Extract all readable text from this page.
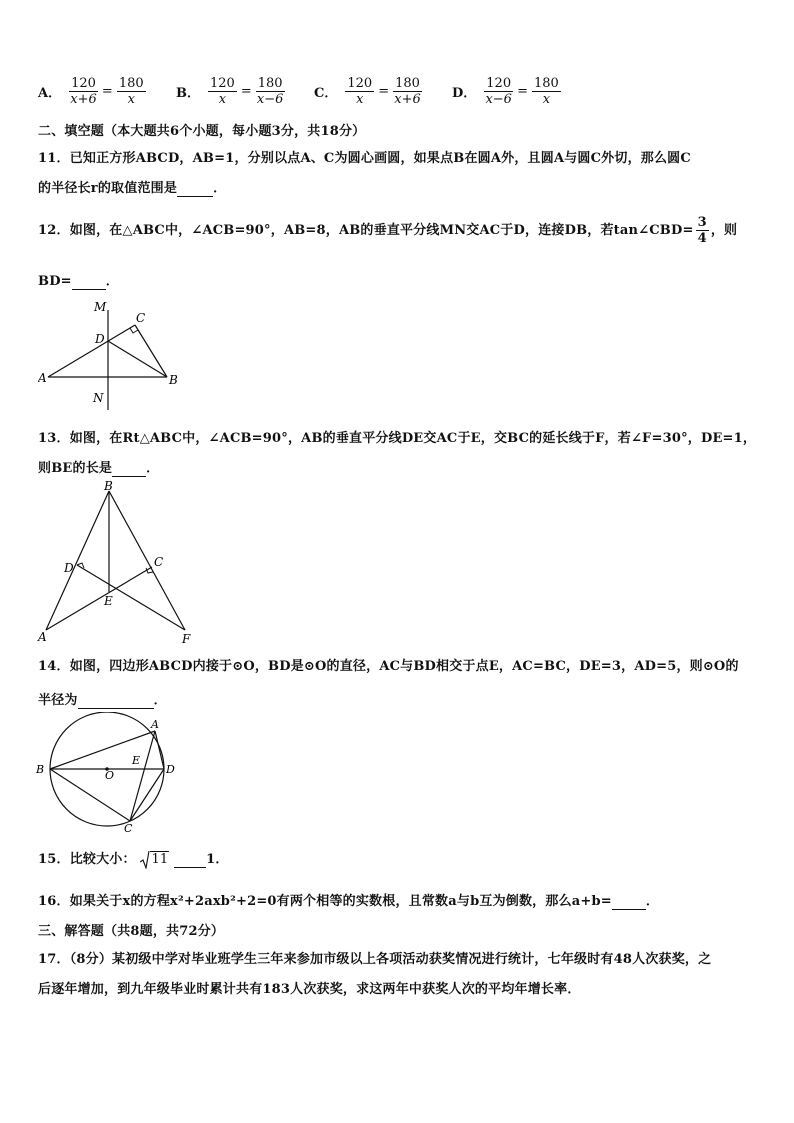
A． $\frac{120}{x+6} = \frac{180}{x}$ B． $\frac{120}{x} = \frac{180}{x-6}$ C． $\frac{120}{x} = \frac{180}{x+6}$ D． $\frac{120}{x-6} = \frac{180}{x}$
二、填空题（本大题共6个小题，每小题3分，共18分）
11．已知正方形ABCD，AB=1，分别以点A、C为圆心画圆，如果点B在圆A外，且圆A与圆C外切，那么圆C
的半径长r的取值范围是	．
12．如图，在△ABC中，∠ACB=90°，AB=8，AB的垂直平分线MN交AC于D，连接DB，若tan∠CBD= $\frac{3}{4}$ ，则
BD=	．
M
C
D
A	B
N
13．如图，在Rt△ABC中，∠ACB=90°，AB的垂直平分线DE交AC于E，交BC的延长线于F，若∠F=30°，DE=1，
则BE的长是	．
B
D	C
E
A	F
14．如图，四边形ABCD内接于⊙O，BD是⊙O的直径，AC与BD相交于点E，AC=BC，DE=3，AD=5，则⊙O的
半径为	．
A
B	O
E
D
C
15．比较大小： 11	1．
16．如果关于x的方程x²+2axb²+2=0有两个相等的实数根，且常数a与b互为倒数，那么a+b=	．
三、解答题（共8题，共72分）
17．（8分）某初级中学对毕业班学生三年来参加市级以上各项活动获奖情况进行统计，七年级时有48人次获奖，之
后逐年增加，到九年级毕业时累计共有183人次获奖，求这两年中获奖人次的平均年增长率．
